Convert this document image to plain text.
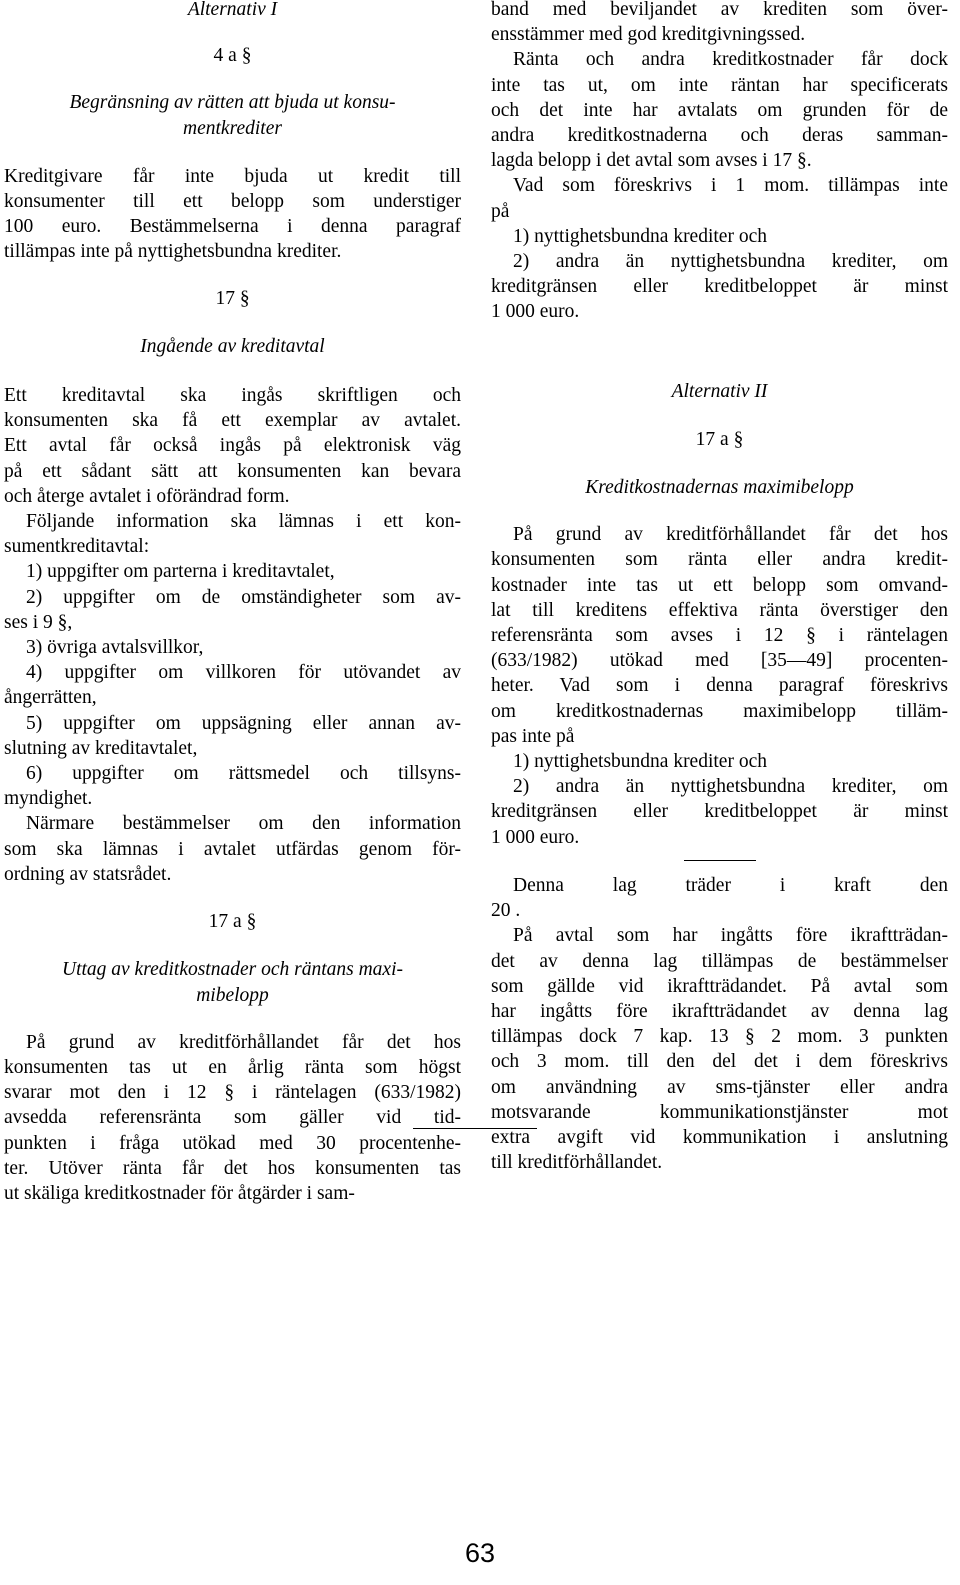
Alternativ I
4 a §
Begränsning av rätten att bjuda ut konsu-
mentkrediter
Kreditgivare får inte bjuda ut kredit till
konsumenter till ett belopp som understiger
100 euro. Bestämmelserna i denna paragraf
tillämpas inte på nyttighetsbundna krediter.
17 §
Ingående av kreditavtal
Ett kreditavtal ska ingås skriftligen och
konsumenten ska få ett exemplar av avtalet.
Ett avtal får också ingås på elektronisk väg
på ett sådant sätt att konsumenten kan bevara
och återge avtalet i oförändrad form.
Följande information ska lämnas i ett kon-
sumentkreditavtal:
1) uppgifter om parterna i kreditavtalet,
2) uppgifter om de omständigheter som av-
ses i 9 §,
3) övriga avtalsvillkor,
4) uppgifter om villkoren för utövandet av
ångerrätten,
5) uppgifter om uppsägning eller annan av-
slutning av kreditavtalet,
6) uppgifter om rättsmedel och tillsyns-
myndighet.
Närmare bestämmelser om den information
som ska lämnas i avtalet utfärdas genom för-
ordning av statsrådet.
17 a §
Uttag av kreditkostnader och räntans maxi-
mibelopp
På grund av kreditförhållandet får det hos
konsumenten tas ut en årlig ränta som högst
svarar mot den i 12 § i räntelagen (633/1982)
avsedda referensränta som gäller vid tid-
punkten i fråga utökad med 30 procentenhe-
ter. Utöver ränta får det hos konsumenten tas
ut skäliga kreditkostnader för åtgärder i sam-
band med beviljandet av krediten som över-
ensstämmer med god kreditgivningssed.
Ränta och andra kreditkostnader får dock
inte tas ut, om inte räntan har specificerats
och det inte har avtalats om grunden för de
andra kreditkostnaderna och deras samman-
lagda belopp i det avtal som avses i 17 §.
Vad som föreskrivs i 1 mom. tillämpas inte
på
1) nyttighetsbundna krediter och
2) andra än nyttighetsbundna krediter, om
kreditgränsen eller kreditbeloppet är minst
1 000 euro.
Alternativ II
17 a §
Kreditkostnadernas maximibelopp
På grund av kreditförhållandet får det hos
konsumenten som ränta eller andra kredit-
kostnader inte tas ut ett belopp som omvand-
lat till kreditens effektiva ränta överstiger den
referensränta som avses i 12 § i räntelagen
(633/1982) utökad med [35—49] procenten-
heter. Vad som i denna paragraf föreskrivs
om kreditkostnadernas maximibelopp tilläm-
pas inte på
1) nyttighetsbundna krediter och
2) andra än nyttighetsbundna krediter, om
kreditgränsen eller kreditbeloppet är minst
1 000 euro.
Denna lag träder i kraft den
20 .
På avtal som har ingåtts före ikraftträdan-
det av denna lag tillämpas de bestämmelser
som gällde vid ikraftträdandet. På avtal som
har ingåtts före ikraftträdandet av denna lag
tillämpas dock 7 kap. 13 § 2 mom. 3 punkten
och 3 mom. till den del det i dem föreskrivs
om användning av sms-tjänster eller andra
motsvarande kommunikationstjänster mot
extra avgift vid kommunikation i anslutning
till kreditförhållandet.
63
